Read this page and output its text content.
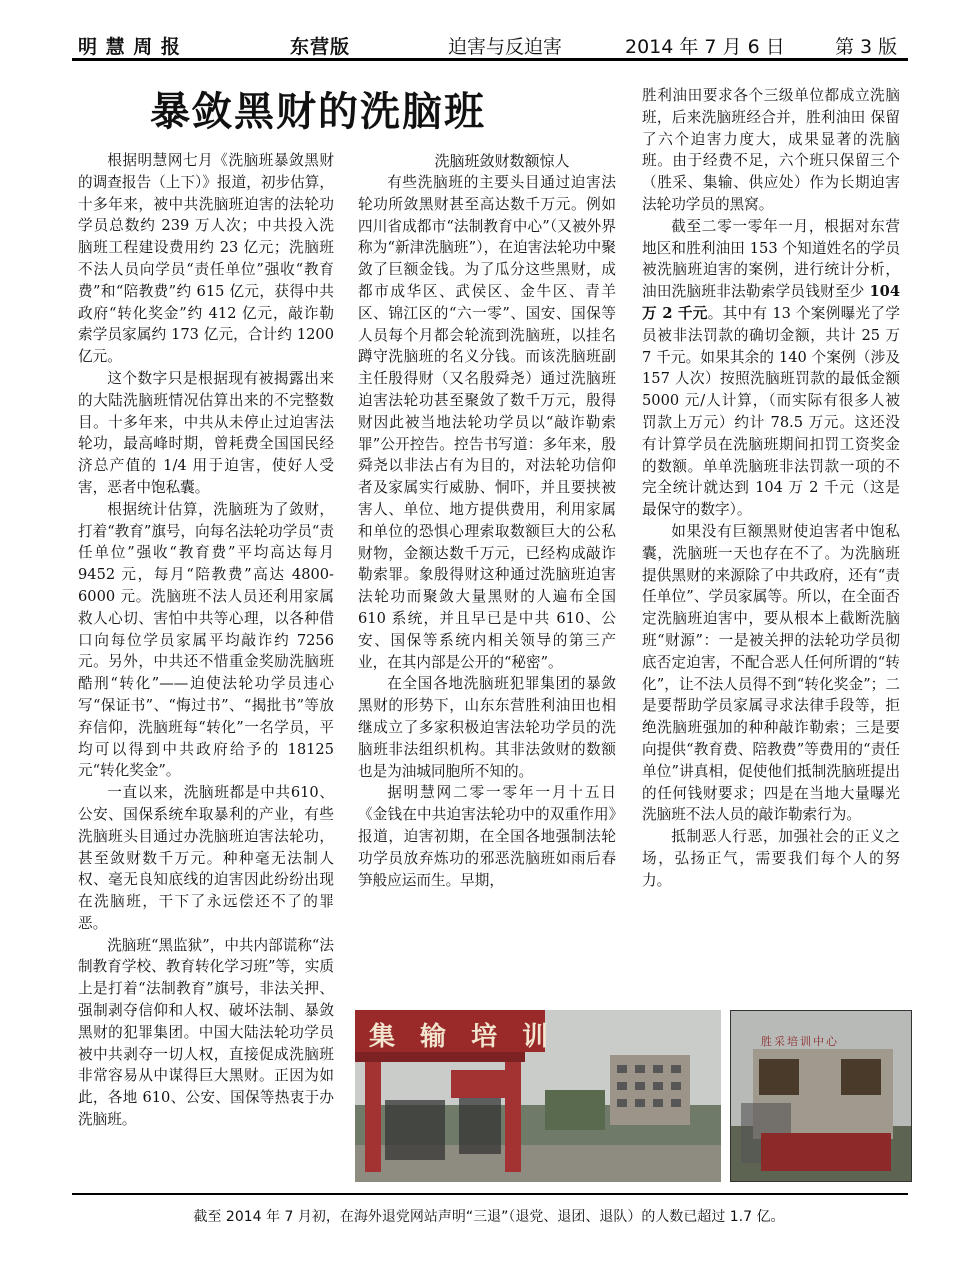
明 慧 周 报	东营版	迫害与反迫害	2014 年 7 月 6 日	第 3 版
暴敛黑财的洗脑班

根据明慧网七月《洗脑班暴敛黑财的调查报告（上下）》报道，初步估算，十多年来，被中共洗脑班迫害的法轮功学员总数约 239 万人次；中共投入洗脑班工程建设费用约 23 亿元；洗脑班不法人员向学员“责任单位”强收“教育费”和“陪教费”约 615 亿元，获得中共政府“转化奖金”约 412 亿元，敲诈勒索学员家属约 173 亿元，合计约 1200 亿元。

这个数字只是根据现有被揭露出来的大陆洗脑班情况估算出来的不完整数目。十多年来，中共从未停止过迫害法轮功，最高峰时期，曾耗费全国国民经济总产值的 1/4 用于迫害，使好人受害，恶者中饱私囊。

根据统计估算，洗脑班为了敛财，打着“教育”旗号，向每名法轮功学员“责任单位”强收“教育费”平均高达每月 9452 元，每月“陪教费”高达 4800-6000 元。洗脑班不法人员还利用家属救人心切、害怕中共等心理，以各种借口向每位学员家属平均敲诈约 7256 元。另外，中共还不惜重金奖励洗脑班酷刑“转化”——迫使法轮功学员违心写“保证书”、“悔过书”、“揭批书”等放弃信仰，洗脑班每“转化”一名学员，平均可以得到中共政府给予的 18125 元“转化奖金”。

一直以来，洗脑班都是中共610、公安、国保系统牟取暴利的产业，有些洗脑班头目通过办洗脑班迫害法轮功，甚至敛财数千万元。种种毫无法制人权、毫无良知底线的迫害因此纷纷出现在洗脑班，干下了永远偿还不了的罪恶。

洗脑班“黑监狱”，中共内部谎称“法制教育学校、教育转化学习班”等，实质上是打着“法制教育”旗号，非法关押、强制剥夺信仰和人权、破坏法制、暴敛黑财的犯罪集团。中国大陆法轮功学员被中共剥夺一切人权，直接促成洗脑班非常容易从中谋得巨大黑财。正因为如此，各地 610、公安、国保等热衷于办洗脑班。

洗脑班敛财数额惊人

有些洗脑班的主要头目通过迫害法轮功所敛黑财甚至高达数千万元。例如四川省成都市“法制教育中心”（又被外界称为“新津洗脑班”），在迫害法轮功中聚敛了巨额金钱。为了瓜分这些黑财，成都市成华区、武侯区、金牛区、青羊区、锦江区的“六一零”、国安、国保等人员每个月都会轮流到洗脑班，以挂名蹲守洗脑班的名义分钱。而该洗脑班副主任殷得财（又名殷舜尧）通过洗脑班迫害法轮功甚至聚敛了数千万元，殷得财因此被当地法轮功学员以“敲诈勒索罪”公开控告。控告书写道：多年来，殷舜尧以非法占有为目的，对法轮功信仰者及家属实行威胁、恫吓，并且要挟被害人、单位、地方提供费用，利用家属和单位的恐惧心理索取数额巨大的公私财物，金额达数千万元，已经构成敲诈勒索罪。象殷得财这种通过洗脑班迫害法轮功而聚敛大量黑财的人遍布全国 610 系统，并且早已是中共 610、公安、国保等系统内相关领导的第三产业，在其内部是公开的“秘密”。

在全国各地洗脑班犯罪集团的暴敛黑财的形势下，山东东营胜利油田也相继成立了多家积极迫害法轮功学员的洗脑班非法组织机构。其非法敛财的数额也是为油城同胞所不知的。

据明慧网二零一零年一月十五日《金钱在中共迫害法轮功中的双重作用》报道，迫害初期，在全国各地强制法轮功学员放弃炼功的邪恶洗脑班如雨后春笋般应运而生。早期，

胜利油田要求各个三级单位都成立洗脑班，后来洗脑班经合并，胜利油田 保留了六个迫害力度大，成果显著的洗脑班。由于经费不足，六个班只保留三个（胜采、集输、供应处）作为长期迫害法轮功学员的黑窝。

截至二零一零年一月，根据对东营地区和胜利油田 153 个知道姓名的学员被洗脑班迫害的案例，进行统计分析，油田洗脑班非法勒索学员钱财至少 104 万 2 千元。其中有 13 个案例曝光了学员被非法罚款的确切金额，共计 25 万 7 千元。如果其余的 140 个案例（涉及 157 人次）按照洗脑班罚款的最低金额 5000 元/人计算，（而实际有很多人被罚款上万元）约计 78.5 万元。这还没有计算学员在洗脑班期间扣罚工资奖金的数额。单单洗脑班非法罚款一项的不完全统计就达到 104 万 2 千元（这是最保守的数字）。

如果没有巨额黑财使迫害者中饱私囊，洗脑班一天也存在不了。为洗脑班提供黑财的来源除了中共政府，还有“责任单位”、学员家属等。所以，在全面否定洗脑班迫害中，要从根本上截断洗脑班“财源”：一是被关押的法轮功学员彻底否定迫害，不配合恶人任何所谓的“转化”，让不法人员得不到“转化奖金”；二是要帮助学员家属寻求法律手段等，拒绝洗脑班强加的种种敲诈勒索；三是要向提供“教育费、陪教费”等费用的“责任单位”讲真相，促使他们抵制洗脑班提出的任何钱财要求；四是在当地大量曝光洗脑班不法人员的敲诈勒索行为。

抵制恶人行恶，加强社会的正义之场，弘扬正气，需要我们每个人的努力。

集 输 培 训	胜采培训中心
截至 2014 年 7 月初，在海外退党网站声明“三退”（退党、退团、退队）的人数已超过 1.7 亿。
